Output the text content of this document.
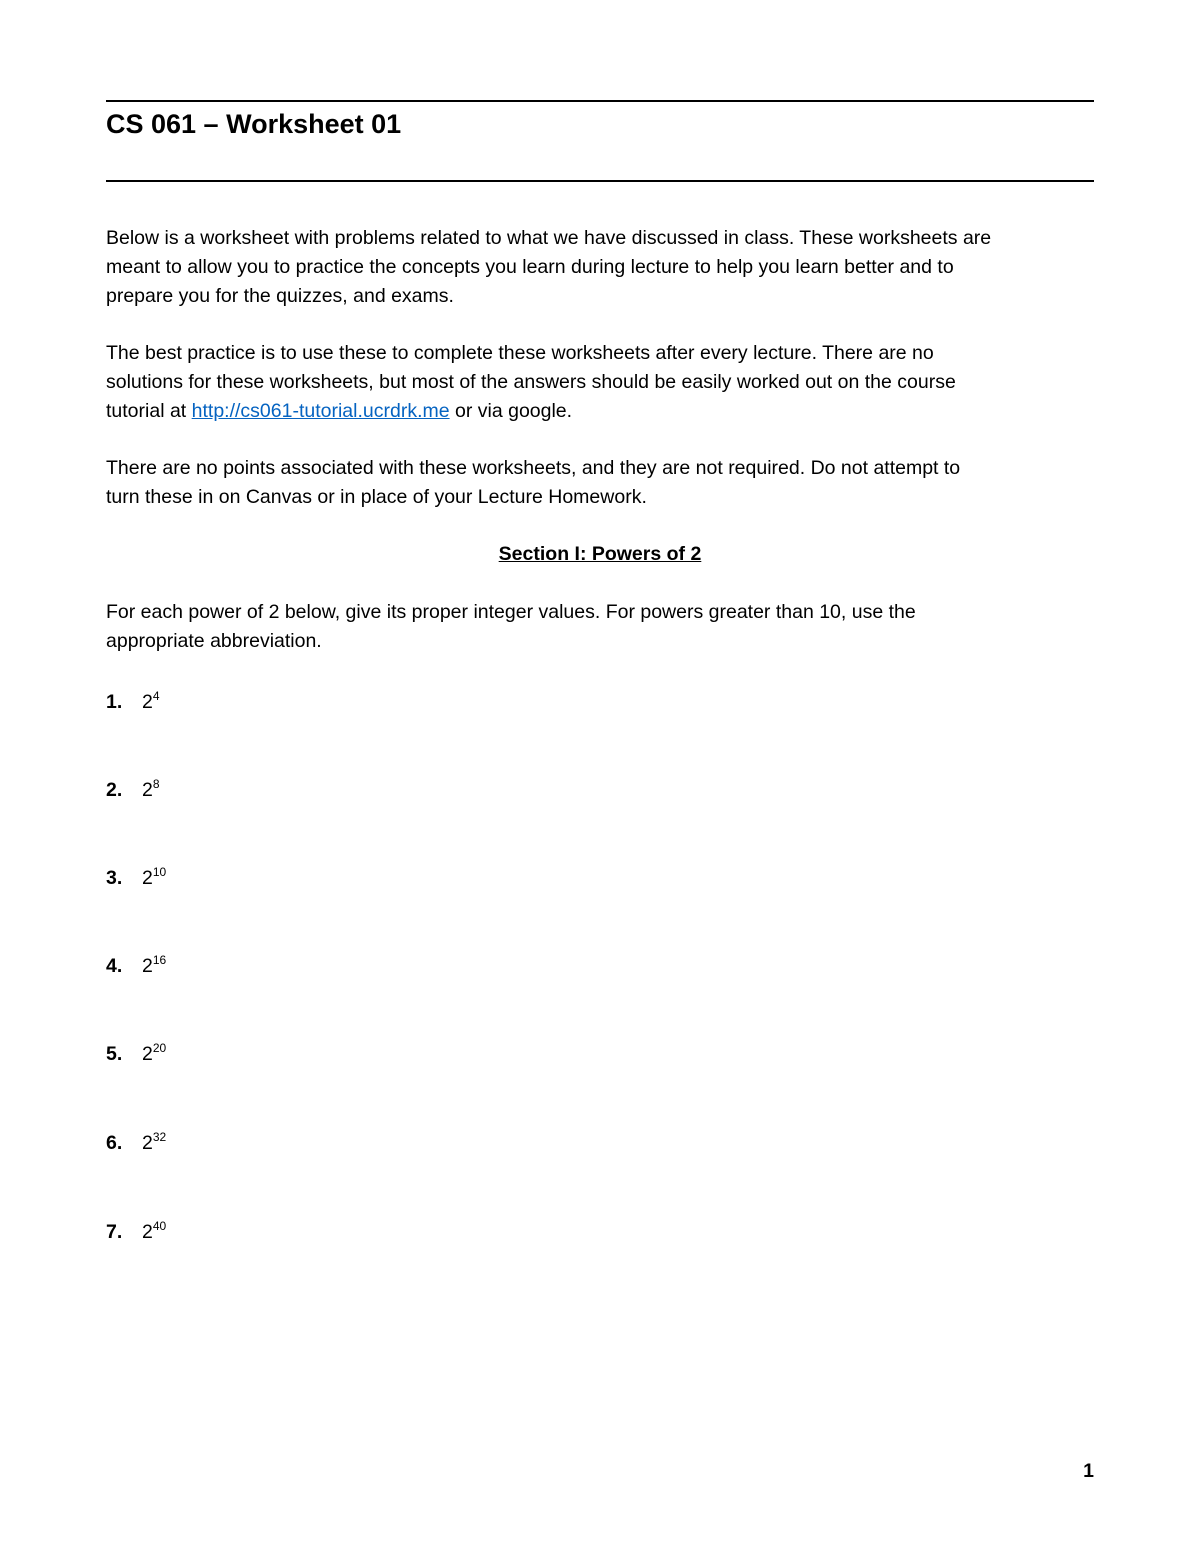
CS 061 – Worksheet 01
Below is a worksheet with problems related to what we have discussed in class. These worksheets are
meant to allow you to practice the concepts you learn during lecture to help you learn better and to
prepare you for the quizzes, and exams.
The best practice is to use these to complete these worksheets after every lecture. There are no
solutions for these worksheets, but most of the answers should be easily worked out on the course
tutorial at http://cs061-tutorial.ucrdrk.me or via google.
There are no points associated with these worksheets, and they are not required. Do not attempt to
turn these in on Canvas or in place of your Lecture Homework.
Section I: Powers of 2
For each power of 2 below, give its proper integer values. For powers greater than 10, use the
appropriate abbreviation.
1. $2^4$
2. $2^8$
3. $2^{10}$
4. $2^{16}$
5. $2^{20}$
6. $2^{32}$
7. $2^{40}$
1
